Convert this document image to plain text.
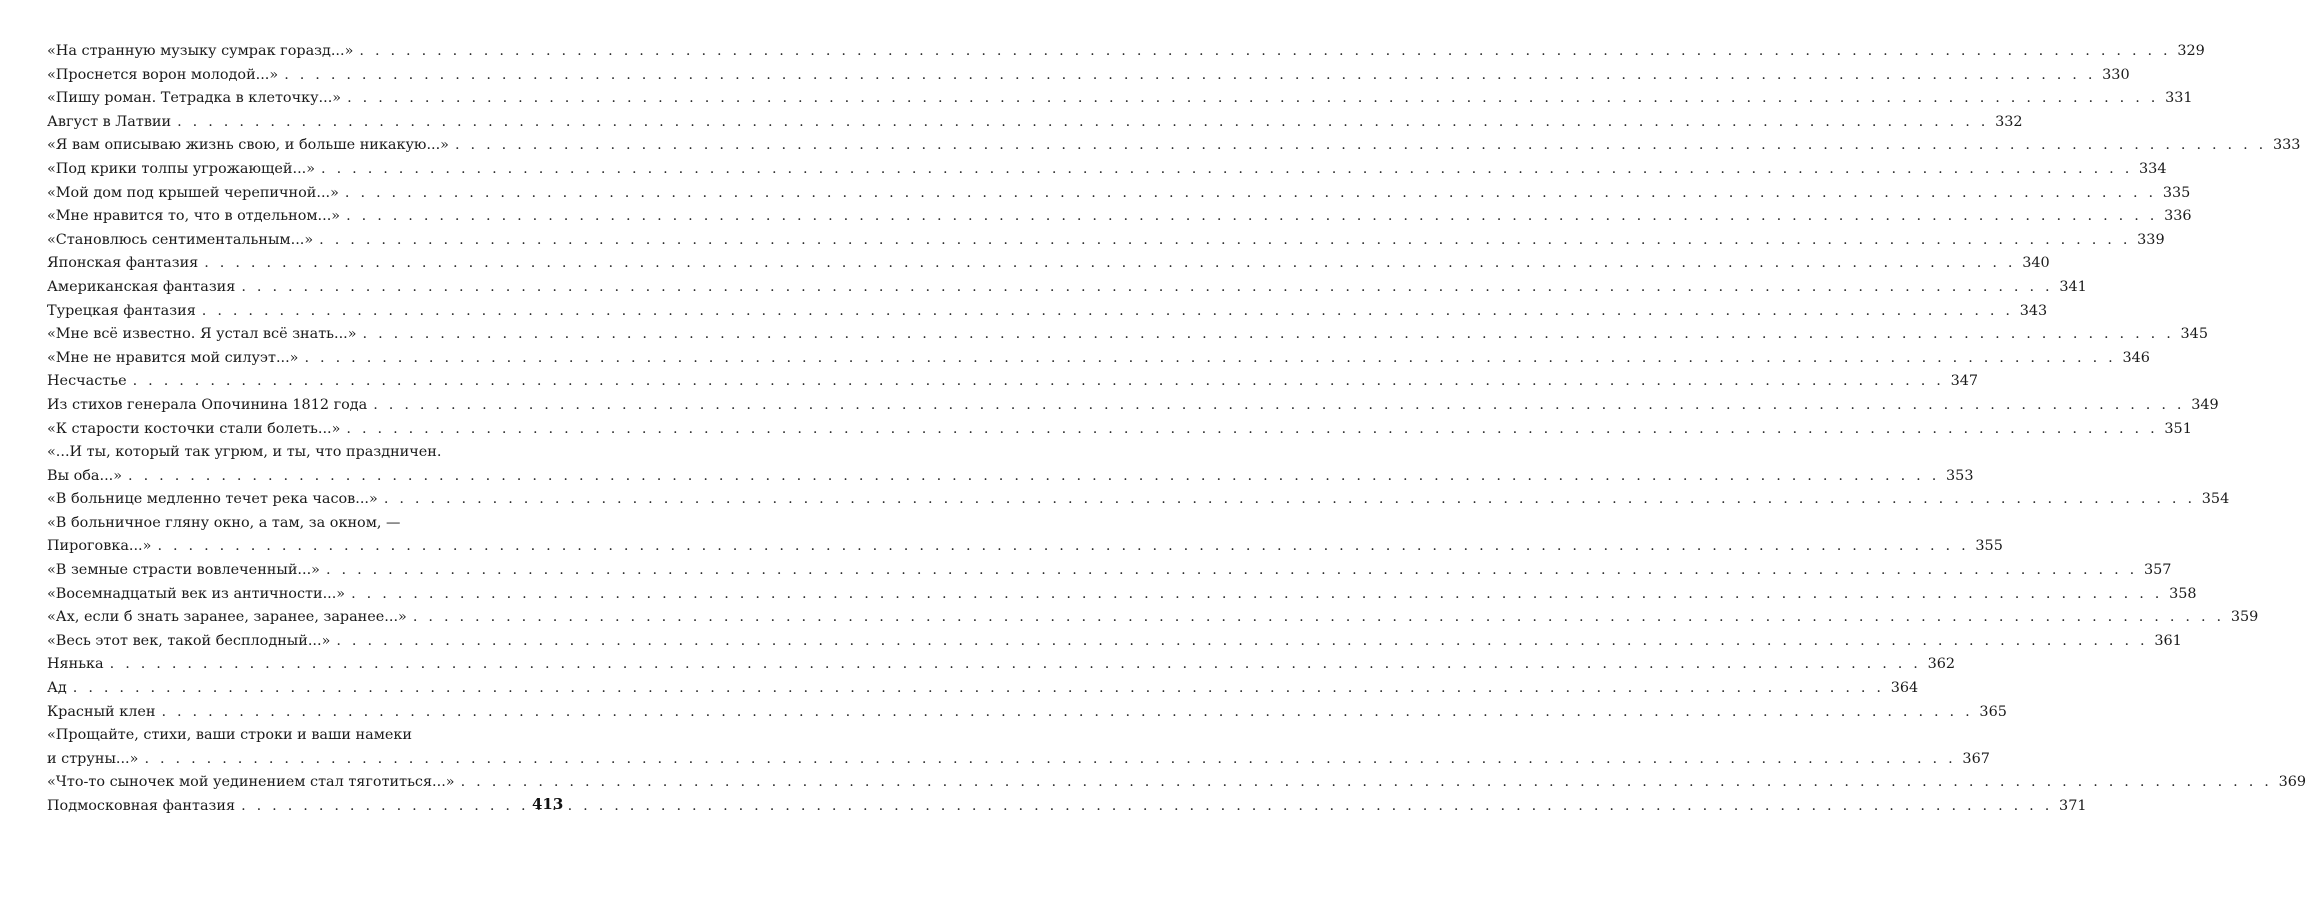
«На странную музыку сумрак горазд...» . . .	329
«Проснется ворон молодой...» . . .	330
«Пишу роман. Тетрадка в клеточку...» . . .	331
Август в Латвии . . .	332
«Я вам описываю жизнь свою, и больше никакую...» . . .	333
«Под крики толпы угрожающей...» . . .	334
«Мой дом под крышей черепичной...» . . .	335
«Мне нравится то, что в отдельном...» . . .	336
«Становлюсь сентиментальным...» . . .	339
Японская фантазия . . .	340
Американская фантазия . . .	341
Турецкая фантазия . . .	343
«Мне всё известно. Я устал всё знать...» . . .	345
«Мне не нравится мой силуэт...» . . .	346
Несчастье . . .	347
Из стихов генерала Опочинина 1812 года . . .	349
«К старости косточки стали болеть...» . . .	351
«...И ты, который так угрюм, и ты, что праздничен.
Вы оба...» . . .	353
«В больнице медленно течет река часов...» . . .	354
«В больничное гляну окно, а там, за окном, —
Пироговка...» . . .	355
«В земные страсти вовлеченный...» . . .	357
«Восемнадцатый век из античности...» . . .	358
«Ах, если б знать заранее, заранее, заранее...» . . .	359
«Весь этот век, такой бесплодный...» . . .	361
Нянька . . .	362
Ад . . .	364
Красный клен . . .	365
«Прощайте, стихи, ваши строки и ваши намеки
и струны...» . . .	367
«Что-то сыночек мой уединением стал тяготиться...» . . .	369
Подмосковная фантазия . . .	371
413
